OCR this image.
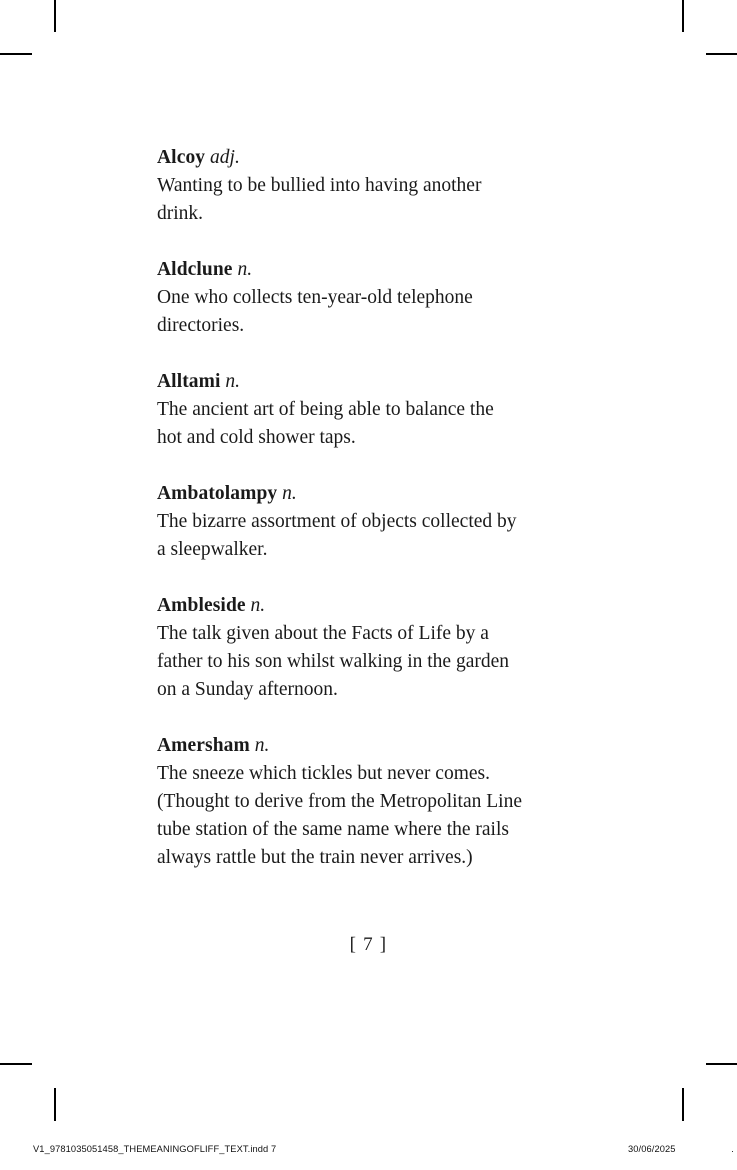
Alcoy adj.
Wanting to be bullied into having another
drink.
Aldclune n.
One who collects ten-year-old telephone
directories.
Alltami n.
The ancient art of being able to balance the
hot and cold shower taps.
Ambatolampy n.
The bizarre assortment of objects collected by
a sleepwalker.
Ambleside n.
The talk given about the Facts of Life by a
father to his son whilst walking in the garden
on a Sunday afternoon.
Amersham n.
The sneeze which tickles but never comes.
(Thought to derive from the Metropolitan Line
tube station of the same name where the rails
always rattle but the train never arrives.)
[ 7 ]
V1_9781035051458_THEMEANINGOFLIFF_TEXT.indd 7	30/06/2025	·
